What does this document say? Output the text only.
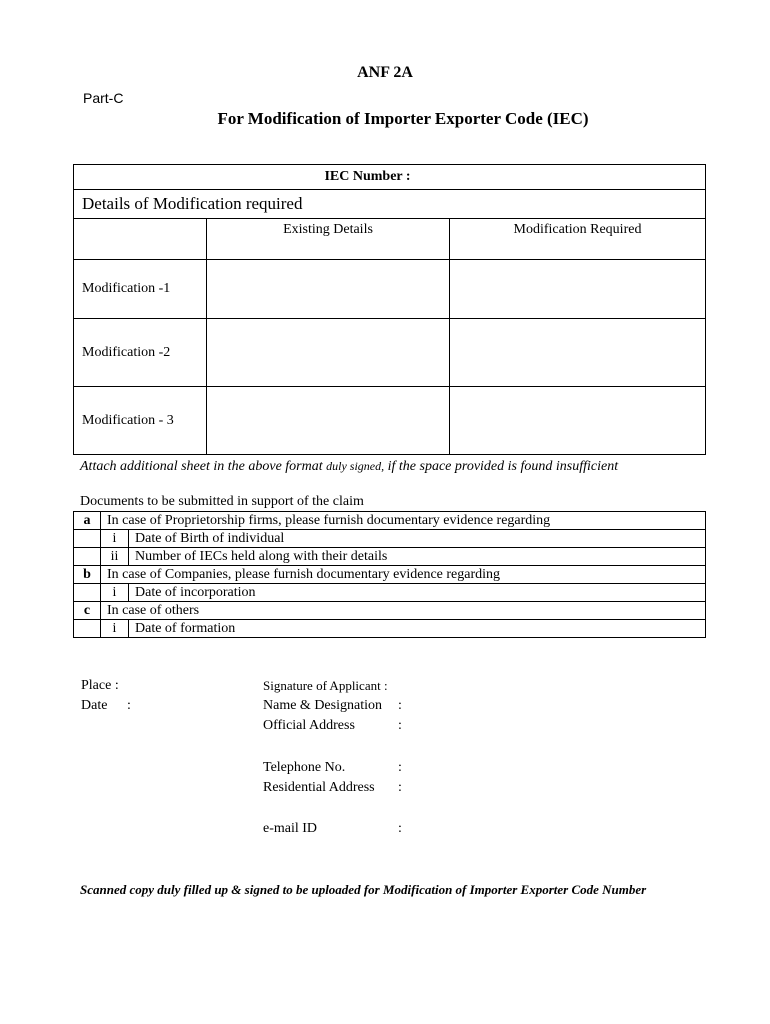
ANF 2A
Part-C
For Modification of Importer Exporter Code (IEC)
IEC Number :		
Details of Modification required		
	Existing Details	Modification Required
Modification -1		
Modification -2		
Modification - 3		
Attach additional sheet in the above format duly signed, if the space provided is found insufficient
Documents to be submitted in support of the claim
a	In case of Proprietorship firms, please furnish documentary evidence regarding	
	i	Date of Birth of individual
	ii	Number of IECs held along with their details
b	In case of Companies, please furnish documentary evidence regarding	
	i	Date of incorporation
c	In case of others	
	i	Date of formation
Place :
Date :
Signature of Applicant :
Name & Designation :
Official Address	:
Telephone No.	:
Residential Address :
e-mail ID	:
Scanned copy duly filled up & signed to be uploaded for Modification of Importer Exporter Code Number
